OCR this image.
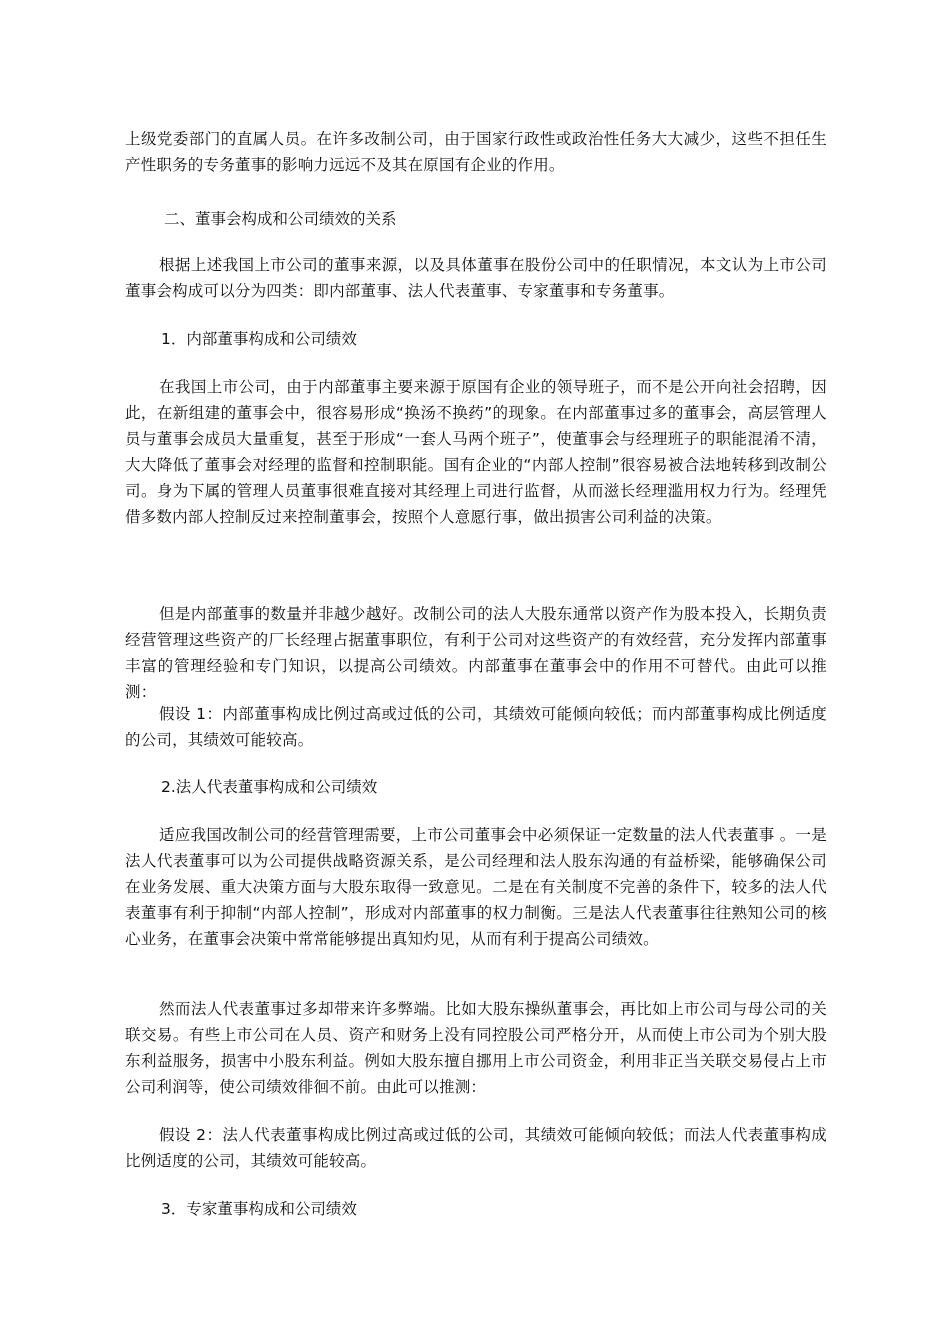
上级党委部门的直属人员。在许多改制公司，由于国家行政性或政治性任务大大减少，这些不担任生产性职务的专务董事的影响力远远不及其在原国有企业的作用。

二、董事会构成和公司绩效的关系

根据上述我国上市公司的董事来源，以及具体董事在股份公司中的任职情况，本文认为上市公司董事会构成可以分为四类：即内部董事、法人代表董事、专家董事和专务董事。

1．内部董事构成和公司绩效

在我国上市公司，由于内部董事主要来源于原国有企业的领导班子，而不是公开向社会招聘，因此，在新组建的董事会中，很容易形成“换汤不换药”的现象。在内部董事过多的董事会，高层管理人员与董事会成员大量重复，甚至于形成“一套人马两个班子”，使董事会与经理班子的职能混淆不清，大大降低了董事会对经理的监督和控制职能。国有企业的“内部人控制”很容易被合法地转移到改制公司。身为下属的管理人员董事很难直接对其经理上司进行监督，从而滋长经理滥用权力行为。经理凭借多数内部人控制反过来控制董事会，按照个人意愿行事，做出损害公司利益的决策。

但是内部董事的数量并非越少越好。改制公司的法人大股东通常以资产作为股本投入，长期负责经营管理这些资产的厂长经理占据董事职位，有利于公司对这些资产的有效经营，充分发挥内部董事丰富的管理经验和专门知识，以提高公司绩效。内部董事在董事会中的作用不可替代。由此可以推测：

假设 1：内部董事构成比例过高或过低的公司，其绩效可能倾向较低；而内部董事构成比例适度的公司，其绩效可能较高。

2.法人代表董事构成和公司绩效

适应我国改制公司的经营管理需要，上市公司董事会中必须保证一定数量的法人代表董事 。一是法人代表董事可以为公司提供战略资源关系，是公司经理和法人股东沟通的有益桥梁，能够确保公司在业务发展、重大决策方面与大股东取得一致意见。二是在有关制度不完善的条件下，较多的法人代表董事有利于抑制“内部人控制”，形成对内部董事的权力制衡。三是法人代表董事往往熟知公司的核心业务，在董事会决策中常常能够提出真知灼见，从而有利于提高公司绩效。

然而法人代表董事过多却带来许多弊端。比如大股东操纵董事会，再比如上市公司与母公司的关联交易。有些上市公司在人员、资产和财务上没有同控股公司严格分开，从而使上市公司为个别大股东利益服务，损害中小股东利益。例如大股东擅自挪用上市公司资金，利用非正当关联交易侵占上市公司利润等，使公司绩效徘徊不前。由此可以推测：

假设 2：法人代表董事构成比例过高或过低的公司，其绩效可能倾向较低；而法人代表董事构成比例适度的公司，其绩效可能较高。

3．专家董事构成和公司绩效
